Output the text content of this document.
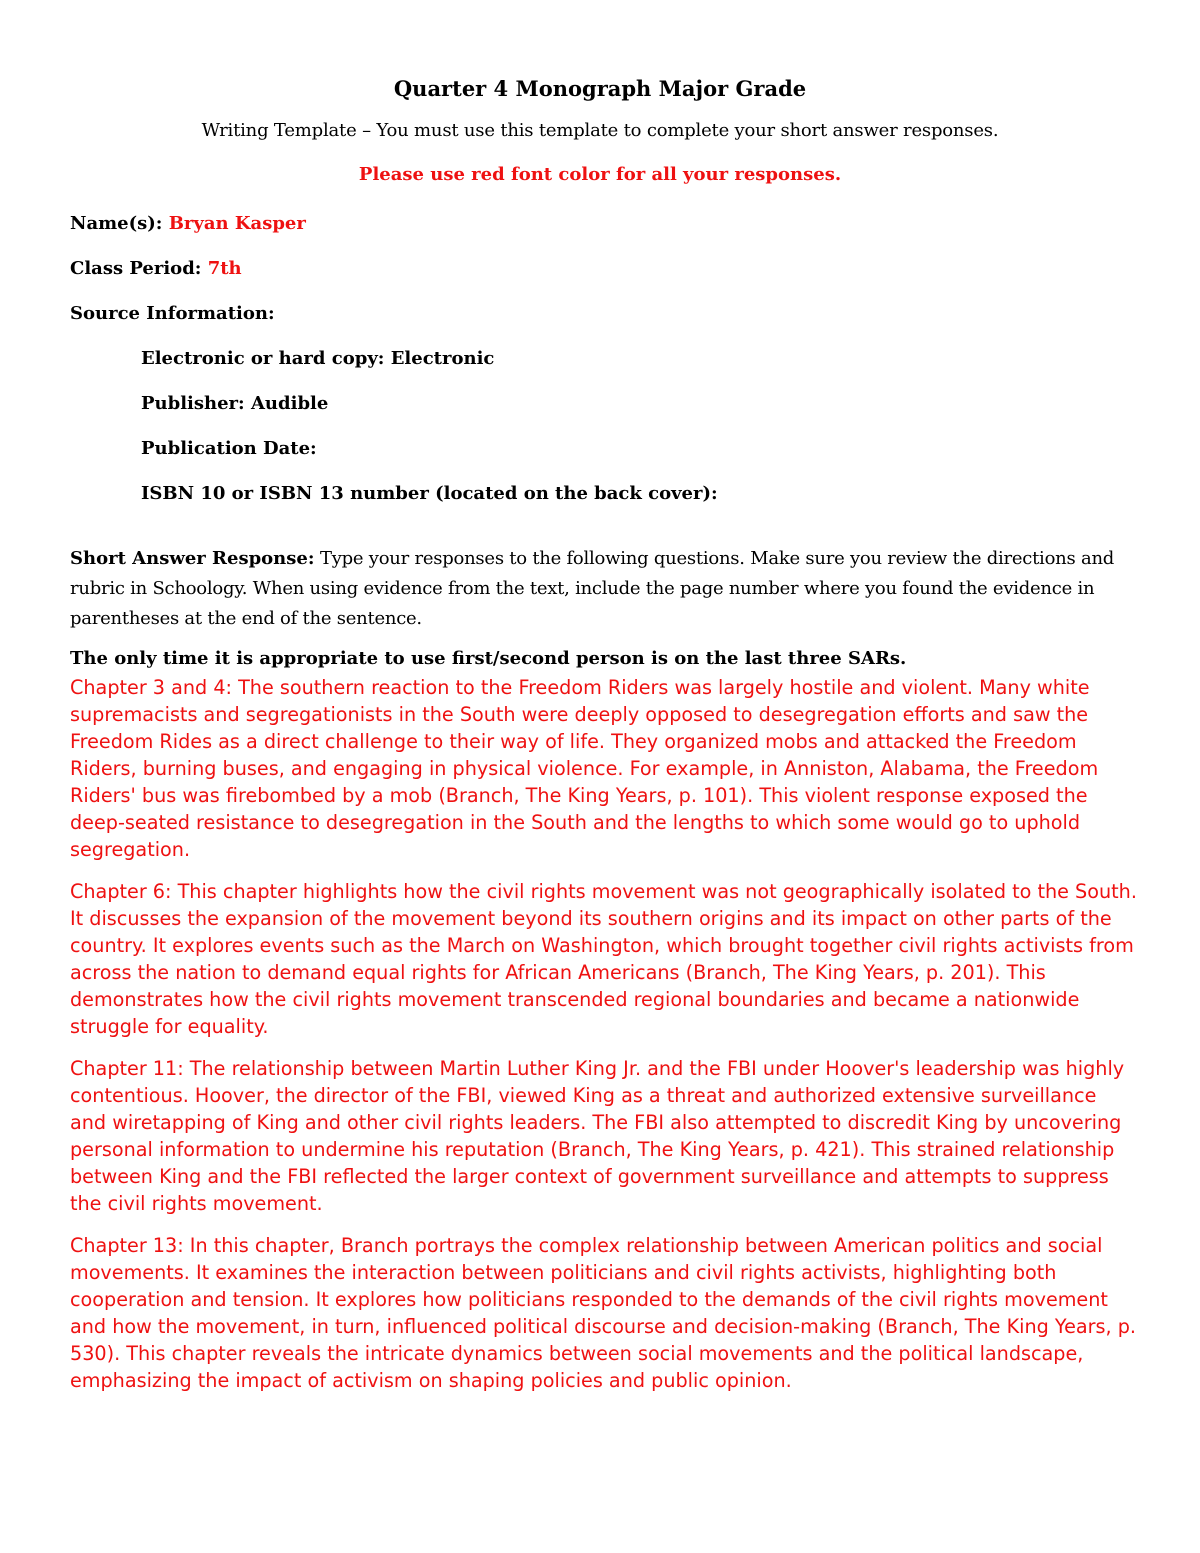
Quarter 4 Monograph Major Grade

Writing Template – You must use this template to complete your short answer responses.

Please use red font color for all your responses.

Name(s): Bryan Kasper

Class Period: 7th

Source Information:

Electronic or hard copy: Electronic

Publisher: Audible

Publication Date:

ISBN 10 or ISBN 13 number (located on the back cover):

Short Answer Response: Type your responses to the following questions. Make sure you review the directions and rubric in Schoology. When using evidence from the text, include the page number where you found the evidence in parentheses at the end of the sentence.

The only time it is appropriate to use first/second person is on the last three SARs.

Chapter 3 and 4: The southern reaction to the Freedom Riders was largely hostile and violent. Many white supremacists and segregationists in the South were deeply opposed to desegregation efforts and saw the Freedom Rides as a direct challenge to their way of life. They organized mobs and attacked the Freedom Riders, burning buses, and engaging in physical violence. For example, in Anniston, Alabama, the Freedom Riders' bus was firebombed by a mob (Branch, The King Years, p. 101). This violent response exposed the deep-seated resistance to desegregation in the South and the lengths to which some would go to uphold segregation.

Chapter 6: This chapter highlights how the civil rights movement was not geographically isolated to the South. It discusses the expansion of the movement beyond its southern origins and its impact on other parts of the country. It explores events such as the March on Washington, which brought together civil rights activists from across the nation to demand equal rights for African Americans (Branch, The King Years, p. 201). This demonstrates how the civil rights movement transcended regional boundaries and became a nationwide struggle for equality.

Chapter 11: The relationship between Martin Luther King Jr. and the FBI under Hoover's leadership was highly contentious. Hoover, the director of the FBI, viewed King as a threat and authorized extensive surveillance and wiretapping of King and other civil rights leaders. The FBI also attempted to discredit King by uncovering personal information to undermine his reputation (Branch, The King Years, p. 421). This strained relationship between King and the FBI reflected the larger context of government surveillance and attempts to suppress the civil rights movement.

Chapter 13: In this chapter, Branch portrays the complex relationship between American politics and social movements. It examines the interaction between politicians and civil rights activists, highlighting both cooperation and tension. It explores how politicians responded to the demands of the civil rights movement and how the movement, in turn, influenced political discourse and decision-making (Branch, The King Years, p. 530). This chapter reveals the intricate dynamics between social movements and the political landscape, emphasizing the impact of activism on shaping policies and public opinion.
